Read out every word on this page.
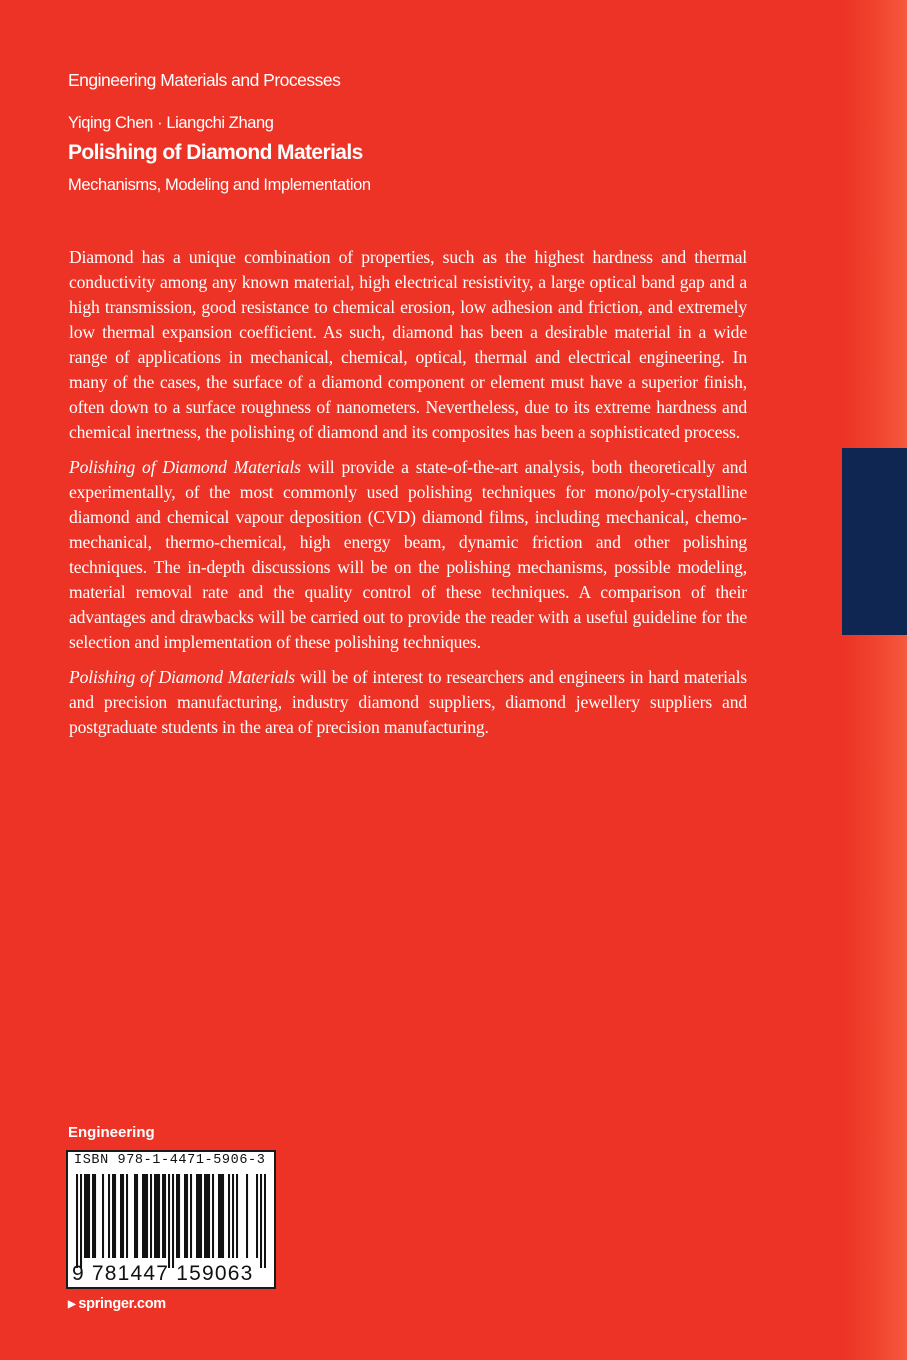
Engineering Materials and Processes
Yiqing Chen · Liangchi Zhang
Polishing of Diamond Materials
Mechanisms, Modeling and Implementation

Diamond has a unique combination of properties, such as the highest hardness and thermal conductivity among any known material, high electrical resistivity, a large optical band gap and a high transmission, good resistance to chemical erosion, low adhesion and friction, and extremely low thermal expansion coefficient. As such, diamond has been a desirable material in a wide range of applications in mechanical, chemical, optical, thermal and electrical engineering. In many of the cases, the surface of a diamond component or element must have a superior finish, often down to a surface roughness of nanometers. Nevertheless, due to its extreme hardness and chemical inertness, the polishing of diamond and its composites has been a sophisticated process.

Polishing of Diamond Materials will provide a state-of-the-art analysis, both theoretically and experimentally, of the most commonly used polishing techniques for mono/poly-crystalline diamond and chemical vapour deposition (CVD) diamond films, including mechanical, chemo-mechanical, thermo-chemical, high energy beam, dynamic friction and other polishing techniques. The in-depth discussions will be on the polishing mechanisms, possible modeling, material removal rate and the quality control of these techniques. A comparison of their advantages and drawbacks will be carried out to provide the reader with a useful guideline for the selection and implementation of these polishing techniques.

Polishing of Diamond Materials will be of interest to researchers and engineers in hard materials and precision manufacturing, industry diamond suppliers, diamond jewellery suppliers and postgraduate students in the area of precision manufacturing.

Engineering
ISBN 978-1-4471-5906-3
9 781447 159063
▶ springer.com
